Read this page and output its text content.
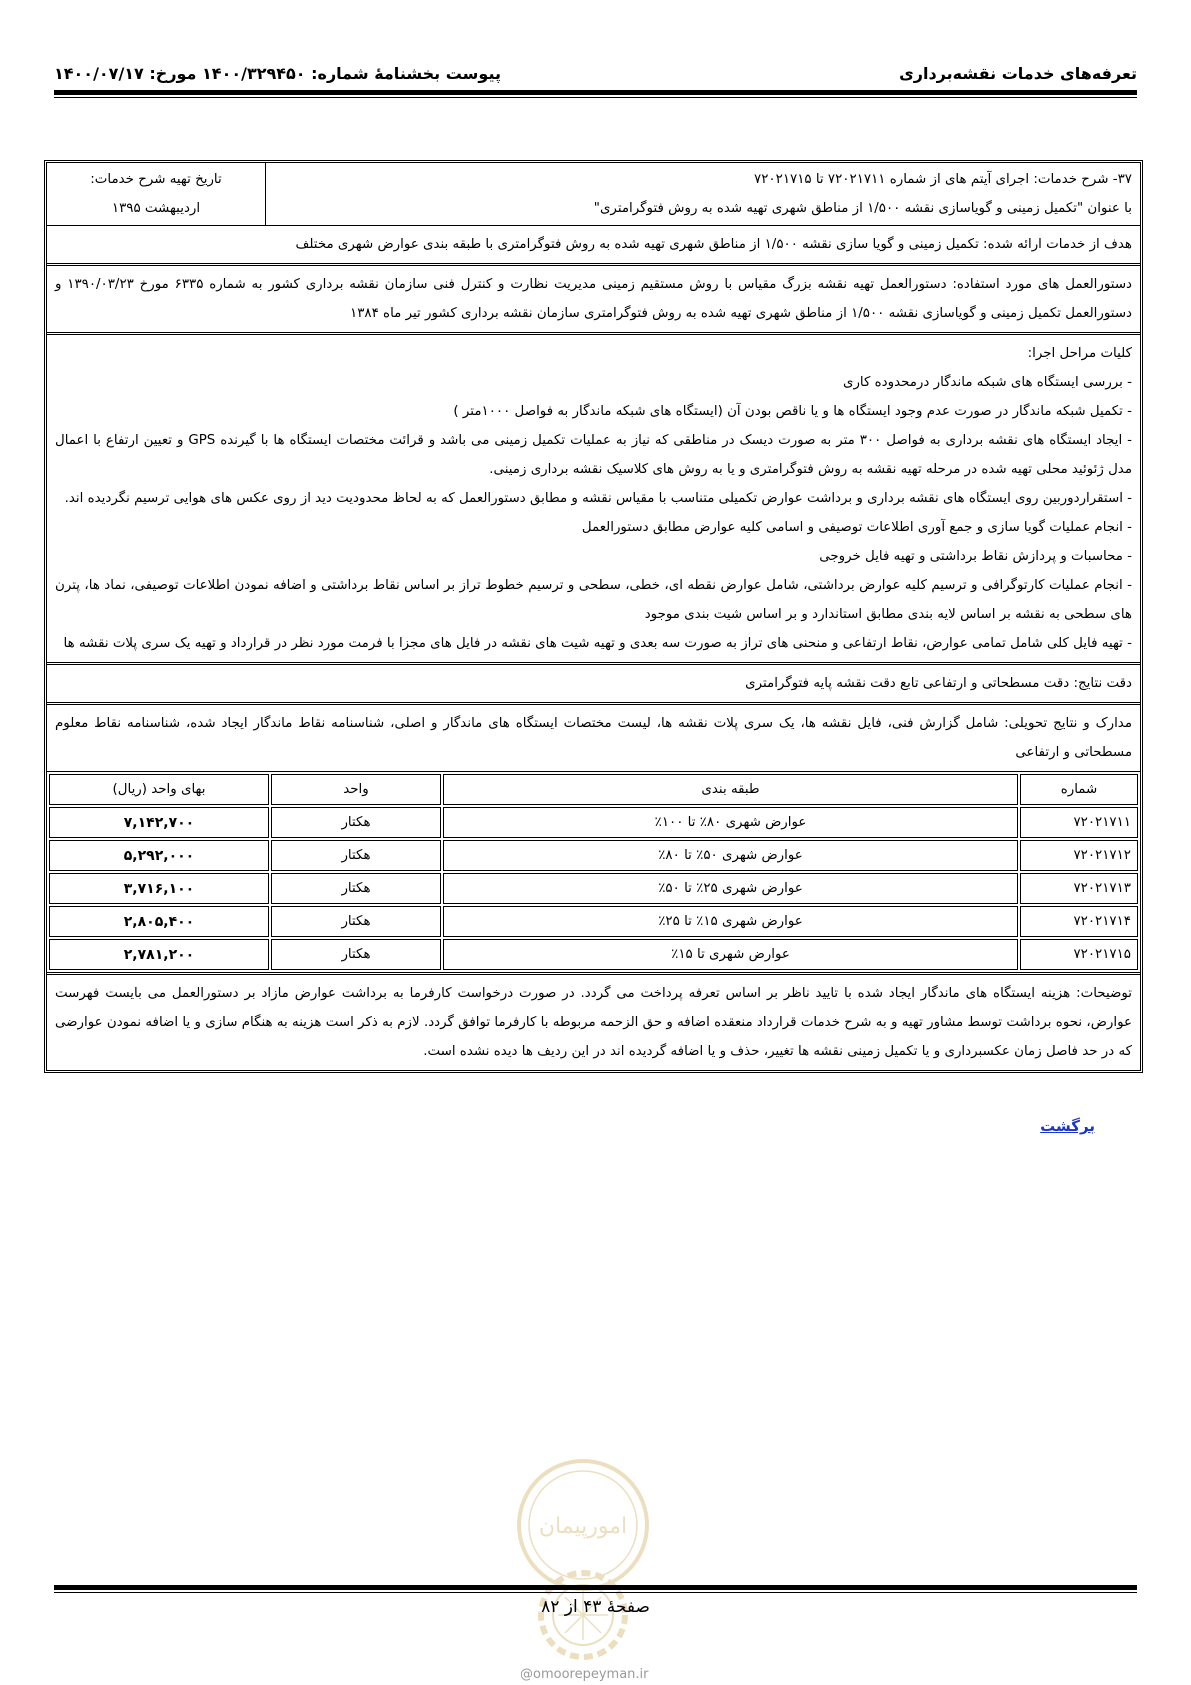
تعرفه‌های خدمات نقشه‌برداری
پیوست بخشنامۀ شماره: ۱۴۰۰/۳۲۹۴۵۰ مورخ: ۱۴۰۰/۰۷/۱۷
۳۷- شرح خدمات: اجرای آیتم های از شماره ۷۲۰۲۱۷۱۱ تا ۷۲۰۲۱۷۱۵
با عنوان "تکمیل زمینی و گویاسازی نقشه ۱/۵۰۰ از مناطق شهری تهیه شده به روش فتوگرامتری"
تاریخ تهیه شرح خدمات:
اردیبهشت ۱۳۹۵
هدف از خدمات ارائه شده: تکمیل زمینی و گویا سازی نقشه ۱/۵۰۰ از مناطق شهری تهیه شده به روش فتوگرامتری با طبقه بندی عوارض شهری مختلف
دستورالعمل های مورد استفاده: دستورالعمل تهیه نقشه بزرگ مقیاس با روش مستقیم زمینی مدیریت نظارت و کنترل فنی سازمان نقشه برداری کشور به شماره ۶۳۳۵ مورخ ۱۳۹۰/۰۳/۲۳ و دستورالعمل تکمیل زمینی و گویاسازی نقشه ۱/۵۰۰ از مناطق شهری تهیه شده به روش فتوگرامتری سازمان نقشه برداری کشور تیر ماه ۱۳۸۴
کلیات مراحل اجرا:
- بررسی ایستگاه های شبکه ماندگار درمحدوده کاری
- تکمیل شبکه ماندگار در صورت عدم وجود ایستگاه ها و یا ناقص بودن آن (ایستگاه های شبکه ماندگار به فواصل ۱۰۰۰متر )
- ایجاد ایستگاه های نقشه برداری به فواصل ۳۰۰ متر به صورت دیسک در مناطقی که نیاز به عملیات تکمیل زمینی می باشد و قرائت مختصات ایستگاه ها با گیرنده GPS و تعیین ارتفاع با اعمال مدل ژئوئید محلی تهیه شده در مرحله تهیه نقشه به روش فتوگرامتری و یا به روش های کلاسیک نقشه برداری زمینی.
- استقراردوربین روی ایستگاه های نقشه برداری و برداشت عوارض تکمیلی متناسب با مقیاس نقشه و مطابق دستورالعمل که به لحاظ محدودیت دید از روی عکس های هوایی ترسیم نگردیده اند.
- انجام عملیات گویا سازی و جمع آوری اطلاعات توصیفی و اسامی کلیه عوارض مطابق دستورالعمل
- محاسبات و پردازش نقاط برداشتی و تهیه فایل خروجی
- انجام عملیات کارتوگرافی و ترسیم کلیه عوارض برداشتی، شامل عوارض نقطه ای، خطی، سطحی و ترسیم خطوط تراز بر اساس نقاط برداشتی و اضافه نمودن اطلاعات توصیفی، نماد ها، پترن های سطحی به نقشه بر اساس لایه بندی مطابق استاندارد و بر اساس شیت بندی موجود
- تهیه فایل کلی شامل تمامی عوارض، نقاط ارتفاعی و منحنی های تراز به صورت سه بعدی و تهیه شیت های نقشه در فایل های مجزا با فرمت مورد نظر در قرارداد و تهیه یک سری پلات نقشه ها
دقت نتایج: دقت مسطحاتی و ارتفاعی تابع دقت نقشه پایه فتوگرامتری
مدارک و نتایج تحویلی: شامل گزارش فنی، فایل نقشه ها، یک سری پلات نقشه ها، لیست مختصات ایستگاه های ماندگار و اصلی، شناسنامه نقاط ماندگار ایجاد شده، شناسنامه نقاط معلوم مسطحاتی و ارتفاعی
شماره	طبقه بندی	واحد	بهای واحد (ریال)
۷۲۰۲۱۷۱۱	عوارض شهری ۸۰٪ تا ۱۰۰٪	هکتار	۷,۱۴۲,۷۰۰
۷۲۰۲۱۷۱۲	عوارض شهری ۵۰٪ تا ۸۰٪	هکتار	۵,۲۹۲,۰۰۰
۷۲۰۲۱۷۱۳	عوارض شهری ۲۵٪ تا ۵۰٪	هکتار	۳,۷۱۶,۱۰۰
۷۲۰۲۱۷۱۴	عوارض شهری ۱۵٪ تا ۲۵٪	هکتار	۲,۸۰۵,۴۰۰
۷۲۰۲۱۷۱۵	عوارض شهری تا ۱۵٪	هکتار	۲,۷۸۱,۲۰۰
توضیحات: هزینه ایستگاه های ماندگار ایجاد شده با تایید ناظر بر اساس تعرفه پرداخت می گردد. در صورت درخواست کارفرما به برداشت عوارض مازاد بر دستورالعمل می بایست فهرست عوارض، نحوه برداشت توسط مشاور تهیه و به شرح خدمات قرارداد منعقده اضافه و حق الزحمه مربوطه با کارفرما توافق گردد. لازم به ذکر است هزینه به هنگام سازی و یا اضافه نمودن عوارضی که در حد فاصل زمان عکسبرداری و یا تکمیل زمینی نقشه ها تغییر، حذف و یا اضافه گردیده اند در این ردیف ها دیده نشده است.
برگشت
امورپیمان
صفحۀ ۴۳ از ۸۲
@omoorepeyman.ir
